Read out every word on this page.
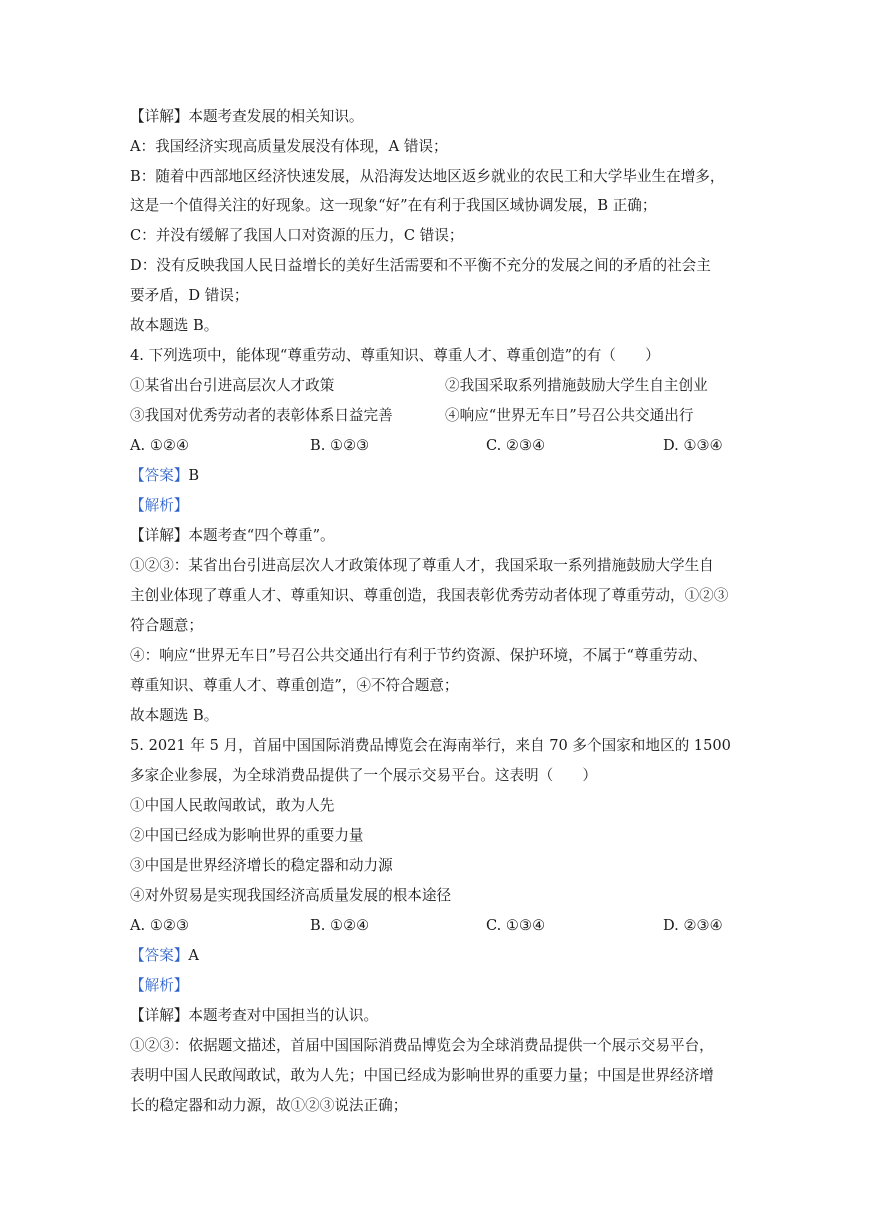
【详解】本题考查发展的相关知识。
A：我国经济实现高质量发展没有体现，A 错误；
B：随着中西部地区经济快速发展，从沿海发达地区返乡就业的农民工和大学毕业生在增多，
这是一个值得关注的好现象。这一现象“好”在有利于我国区域协调发展，B 正确；
C：并没有缓解了我国人口对资源的压力，C 错误；
D：没有反映我国人民日益增长的美好生活需要和不平衡不充分的发展之间的矛盾的社会主
要矛盾，D 错误；
故本题选 B。
4. 下列选项中，能体现“尊重劳动、尊重知识、尊重人才、尊重创造”的有（　　）
①某省出台引进高层次人才政策	②我国采取系列措施鼓励大学生自主创业
③我国对优秀劳动者的表彰体系日益完善	④响应“世界无车日”号召公共交通出行
A. ①②④	B. ①②③	C. ②③④	D. ①③④
【答案】B
【解析】
【详解】本题考查“四个尊重”。
①②③：某省出台引进高层次人才政策体现了尊重人才，我国采取一系列措施鼓励大学生自
主创业体现了尊重人才、尊重知识、尊重创造，我国表彰优秀劳动者体现了尊重劳动，①②③
符合题意；
④：响应“世界无车日”号召公共交通出行有利于节约资源、保护环境，不属于“尊重劳动、
尊重知识、尊重人才、尊重创造”，④不符合题意；
故本题选 B。
5. 2021 年 5 月，首届中国国际消费品博览会在海南举行，来自 70 多个国家和地区的 1500
多家企业参展，为全球消费品提供了一个展示交易平台。这表明（　　）
①中国人民敢闯敢试，敢为人先
②中国已经成为影响世界的重要力量
③中国是世界经济增长的稳定器和动力源
④对外贸易是实现我国经济高质量发展的根本途径
A. ①②③	B. ①②④	C. ①③④	D. ②③④
【答案】A
【解析】
【详解】本题考查对中国担当的认识。
①②③：依据题文描述，首届中国国际消费品博览会为全球消费品提供一个展示交易平台，
表明中国人民敢闯敢试，敢为人先；中国已经成为影响世界的重要力量；中国是世界经济增
长的稳定器和动力源，故①②③说法正确；
